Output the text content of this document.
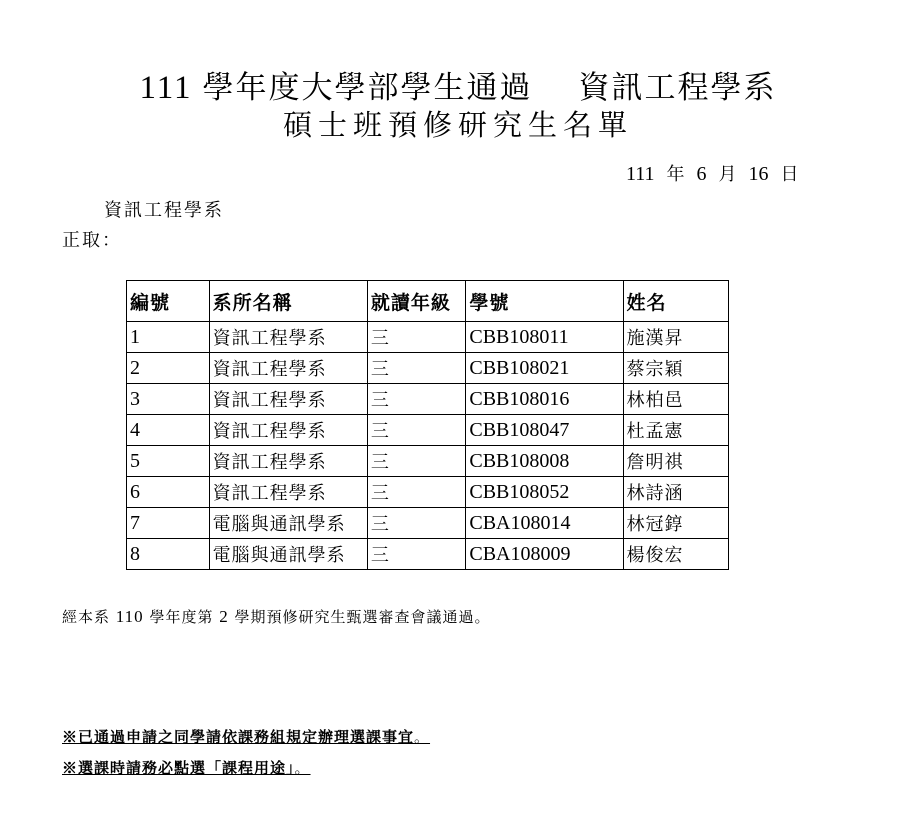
111 學年度大學部學生通過 資訊工程學系
碩士班預修研究生名單
111 年 6 月 16 日
資訊工程學系
正取：
編號	系所名稱	就讀年級	學號	姓名
1	資訊工程學系	三	CBB108011	施漢昇
2	資訊工程學系	三	CBB108021	蔡宗穎
3	資訊工程學系	三	CBB108016	林柏邑
4	資訊工程學系	三	CBB108047	杜孟憲
5	資訊工程學系	三	CBB108008	詹明祺
6	資訊工程學系	三	CBB108052	林詩涵
7	電腦與通訊學系	三	CBA108014	林冠錞
8	電腦與通訊學系	三	CBA108009	楊俊宏
經本系 110 學年度第 2 學期預修研究生甄選審查會議通過。
※已通過申請之同學請依課務組規定辦理選課事宜。
※選課時請務必點選「課程用途」。
